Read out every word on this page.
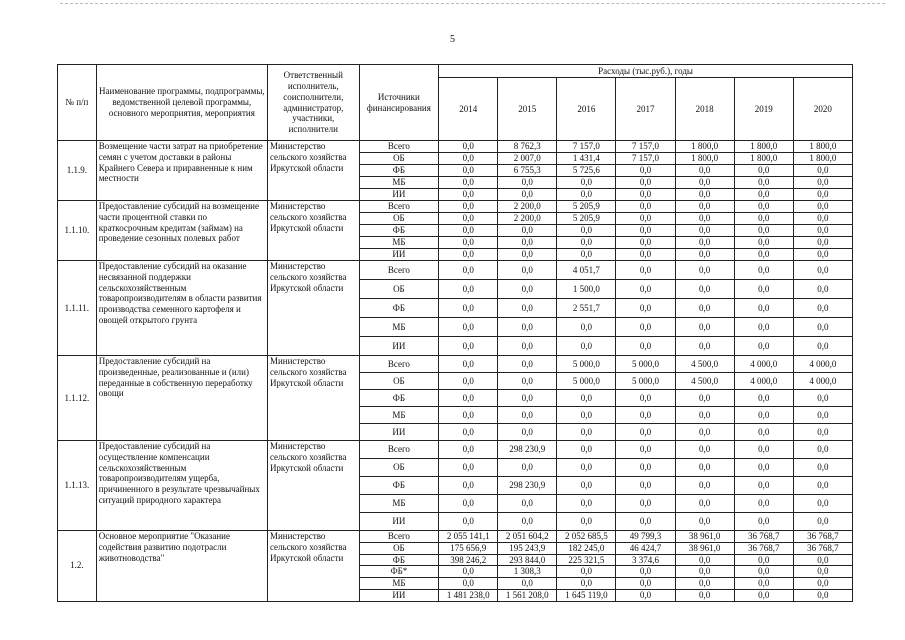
5
№ п/п	Наименование программы, подпрограммы, ведомственной целевой программы, основного мероприятия, мероприятия	Ответственный исполнитель, соисполнители, администратор, участники, исполнители	Источники финансирования	Расходы (тыс.руб.), годы						
				2014	2015	2016	2017	2018	2019	2020
1.1.9.	Возмещение части затрат на приобретение семян с учетом доставки в районы Крайнего Севера и приравненные к ним местности	Министерство сельского хозяйства Иркутской области	Всего	0,0	8 762,3	7 157,0	7 157,0	1 800,0	1 800,0	1 800,0
			ОБ	0,0	2 007,0	1 431,4	7 157,0	1 800,0	1 800,0	1 800,0
			ФБ	0,0	6 755,3	5 725,6	0,0	0,0	0,0	0,0
			МБ	0,0	0,0	0,0	0,0	0,0	0,0	0,0
			ИИ	0,0	0,0	0,0	0,0	0,0	0,0	0,0
1.1.10.	Предоставление субсидий на возмещение части процентной ставки по краткосрочным кредитам (займам) на проведение сезонных полевых работ	Министерство сельского хозяйства Иркутской области	Всего	0,0	2 200,0	5 205,9	0,0	0,0	0,0	0,0
			ОБ	0,0	2 200,0	5 205,9	0,0	0,0	0,0	0,0
			ФБ	0,0	0,0	0,0	0,0	0,0	0,0	0,0
			МБ	0,0	0,0	0,0	0,0	0,0	0,0	0,0
			ИИ	0,0	0,0	0,0	0,0	0,0	0,0	0,0
1.1.11.	Предоставление субсидий на оказание несвязанной поддержки сельскохозяйственным товаропроизводителям в области развития производства семенного картофеля и овощей открытого грунта	Министерство сельского хозяйства Иркутской области	Всего	0,0	0,0	4 051,7	0,0	0,0	0,0	0,0
			ОБ	0,0	0,0	1 500,0	0,0	0,0	0,0	0,0
			ФБ	0,0	0,0	2 551,7	0,0	0,0	0,0	0,0
			МБ	0,0	0,0	0,0	0,0	0,0	0,0	0,0
			ИИ	0,0	0,0	0,0	0,0	0,0	0,0	0,0
1.1.12.	Предоставление субсидий на произведенные, реализованные и (или) переданные в собственную переработку овощи	Министерство сельского хозяйства Иркутской области	Всего	0,0	0,0	5 000,0	5 000,0	4 500,0	4 000,0	4 000,0
			ОБ	0,0	0,0	5 000,0	5 000,0	4 500,0	4 000,0	4 000,0
			ФБ	0,0	0,0	0,0	0,0	0,0	0,0	0,0
			МБ	0,0	0,0	0,0	0,0	0,0	0,0	0,0
			ИИ	0,0	0,0	0,0	0,0	0,0	0,0	0,0
1.1.13.	Предоставление субсидий на осуществление компенсации сельскохозяйственным товаропроизводителям ущерба, причиненного в результате чрезвычайных ситуаций природного характера	Министерство сельского хозяйства Иркутской области	Всего	0,0	298 230,9	0,0	0,0	0,0	0,0	0,0
			ОБ	0,0	0,0	0,0	0,0	0,0	0,0	0,0
			ФБ	0,0	298 230,9	0,0	0,0	0,0	0,0	0,0
			МБ	0,0	0,0	0,0	0,0	0,0	0,0	0,0
			ИИ	0,0	0,0	0,0	0,0	0,0	0,0	0,0
1.2.	Основное мероприятие "Оказание содействия развитию подотрасли животноводства"	Министерство сельского хозяйства Иркутской области	Всего	2 055 141,1	2 051 604,2	2 052 685,5	49 799,3	38 961,0	36 768,7	36 768,7
			ОБ	175 656,9	195 243,9	182 245,0	46 424,7	38 961,0	36 768,7	36 768,7
			ФБ	398 246,2	293 844,0	225 321,5	3 374,6	0,0	0,0	0,0
			ФБ*	0,0	1 308,3	0,0	0,0	0,0	0,0	0,0
			МБ	0,0	0,0	0,0	0,0	0,0	0,0	0,0
			ИИ	1 481 238,0	1 561 208,0	1 645 119,0	0,0	0,0	0,0	0,0
